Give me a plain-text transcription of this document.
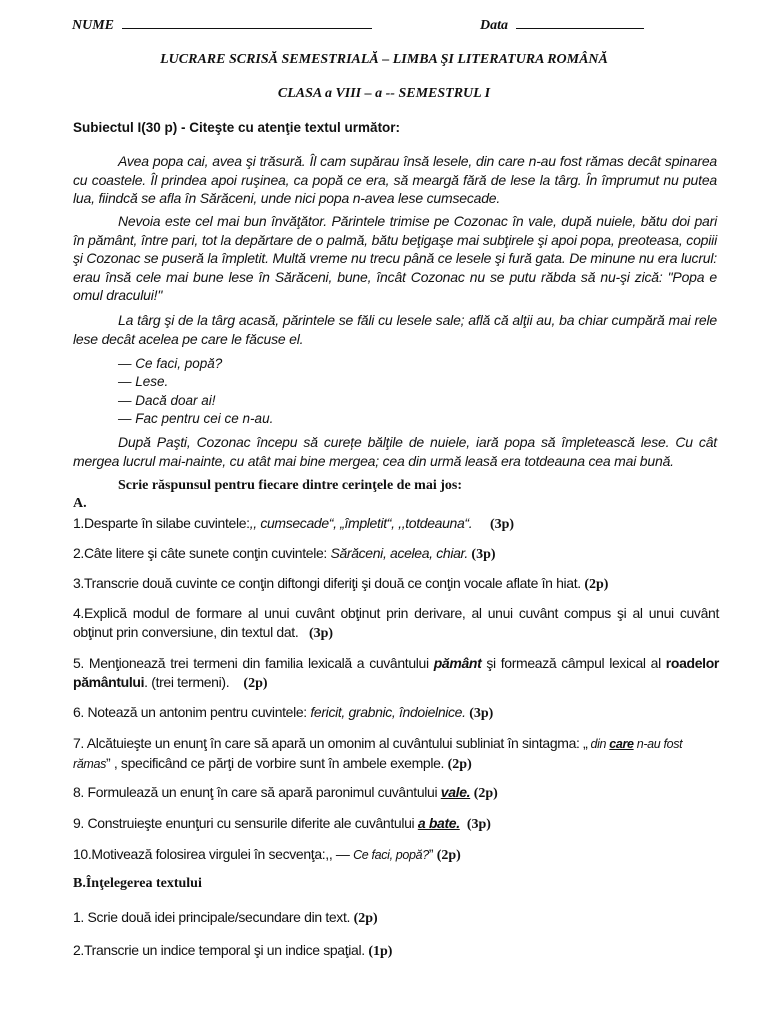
NUME	Data
LUCRARE SCRISĂ SEMESTRIALĂ – LIMBA ŞI LITERATURA ROMÂNĂ
CLASA a VIII – a -- SEMESTRUL I
Subiectul I(30 p) - Citeşte cu atenţie textul următor:

Avea popa cai, avea şi trăsură. Îl cam supărau însă lesele, din care n-au fost rămas decât spinarea cu coastele. Îl prindea apoi ruşinea, ca popă ce era, să meargă fără de lese la târg. În împrumut nu putea lua, fiindcă se afla în Sărăceni, unde nici popa n-avea lese cumsecade.

Nevoia este cel mai bun învăţător. Părintele trimise pe Cozonac în vale, după nuiele, bătu doi pari în pământ, între pari, tot la depărtare de o palmă, bătu beţigaşe mai subţirele şi apoi popa, preoteasa, copiii şi Cozonac se puseră la împletit. Multă vreme nu trecu până ce lesele şi fură gata. De minune nu era lucrul: erau însă cele mai bune lese în Sărăceni, bune, încât Cozonac nu se putu răbda să nu-şi zică: "Popa e omul dracului!"

La târg şi de la târg acasă, părintele se făli cu lesele sale; află că alţii au, ba chiar cumpără mai rele lese decât acelea pe care le făcuse el.

— Ce faci, popă?
— Lese.
— Dacă doar ai!
— Fac pentru cei ce n-au.

După Paşti, Cozonac începu să curețe bălţile de nuiele, iară popa să împletească lese. Cu cât mergea lucrul mai-nainte, cu atât mai bine mergea; cea din urmă leasă era totdeauna cea mai bună.

Scrie răspunsul pentru fiecare dintre cerinţele de mai jos:
A.
1.Desparte în silabe cuvintele:,, cumsecade“, „împletit“, ,,totdeauna“. (3p)
2.Câte litere şi câte sunete conţin cuvintele: Sărăceni, acelea, chiar. (3p)
3.Transcrie două cuvinte ce conţin diftongi diferiţi şi două ce conţin vocale aflate în hiat. (2p)
4.Explică modul de formare al unui cuvânt obţinut prin derivare, al unui cuvânt compus şi al unui cuvânt obţinut prin conversiune, din textul dat. (3p)
5. Menţionează trei termeni din familia lexicală a cuvântului pământ şi formează câmpul lexical al roadelor pământului. (trei termeni). (2p)
6. Notează un antonim pentru cuvintele: fericit, grabnic, îndoielnice. (3p)
7. Alcătuieşte un enunţ în care să apară un omonim al cuvântului subliniat în sintagma: „ din care n-au fost rămas” , specificând ce părţi de vorbire sunt în ambele exemple. (2p)
8. Formulează un enunţ în care să apară paronimul cuvântului vale. (2p)
9. Construieşte enunţuri cu sensurile diferite ale cuvântului a bate. (3p)
10.Motivează folosirea virgulei în secvenţa:,, — Ce faci, popă?” (2p)
B.Înţelegerea textului
1. Scrie două idei principale/secundare din text. (2p)
2.Transcrie un indice temporal şi un indice spaţial. (1p)
